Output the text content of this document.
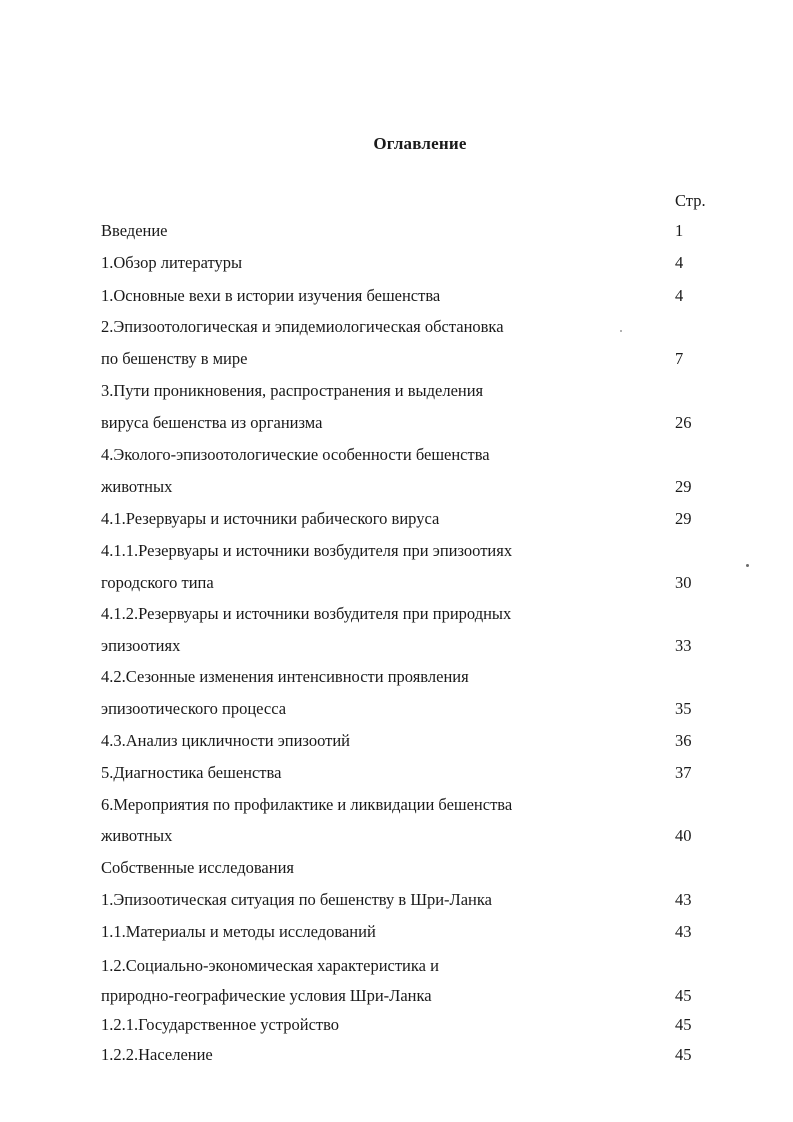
Оглавление
Стр.
Введение	1
1.Обзор литературы	4
1.Основные вехи в истории изучения бешенства	4
2.Эпизоотологическая и эпидемиологическая обстановка
по бешенству в мире	7
3.Пути проникновения, распространения и выделения
вируса бешенства из организма	26
4.Эколого-эпизоотологические особенности бешенства
животных	29
4.1.Резервуары и источники рабического вируса	29
4.1.1.Резервуары и источники возбудителя при эпизоотиях
городского типа	30
4.1.2.Резервуары и источники возбудителя при природных
эпизоотиях	33
4.2.Сезонные изменения интенсивности проявления
эпизоотического процесса	35
4.3.Анализ цикличности эпизоотий	36
5.Диагностика бешенства	37
6.Мероприятия по профилактике и ликвидации бешенства
животных	40
Собственные исследования
1.Эпизоотическая ситуация по бешенству в Шри-Ланка	43
1.1.Материалы и методы исследований	43
1.2.Социально-экономическая характеристика и
природно-географические условия Шри-Ланка	45
1.2.1.Государственное устройство	45
1.2.2.Население	45
